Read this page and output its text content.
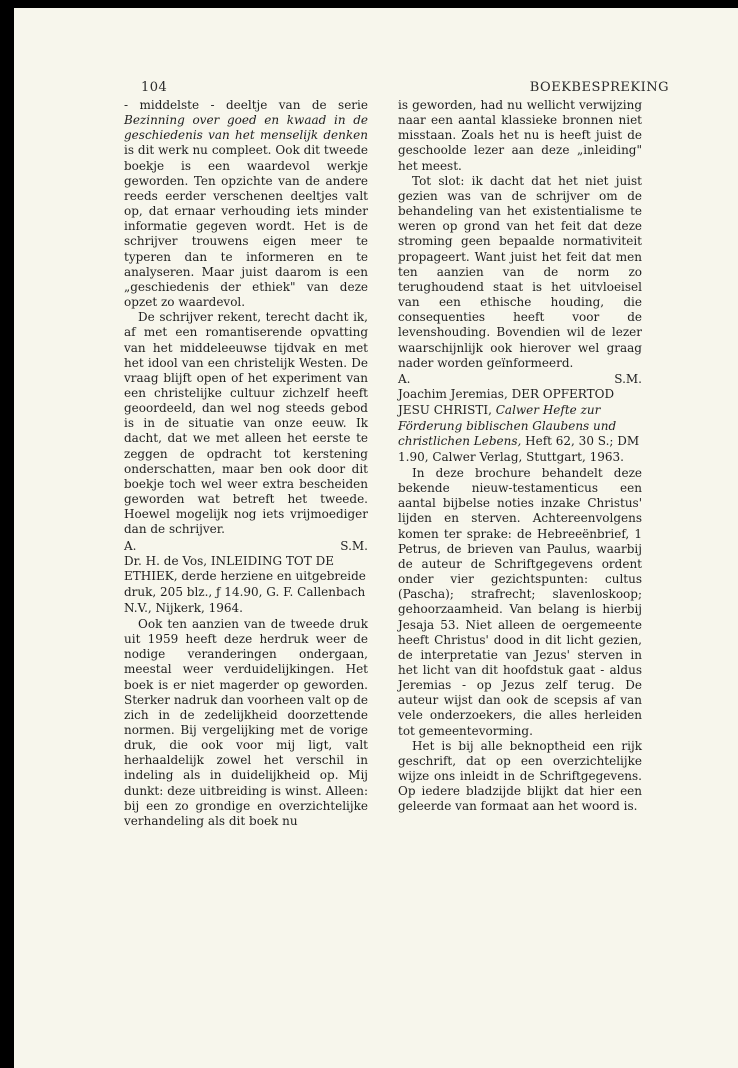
104	BOEKBESPREKING

- middelste - deeltje van de serie Bezinning over goed en kwaad in de geschiedenis van het menselijk denken is dit werk nu compleet. Ook dit tweede boekje is een waardevol werkje geworden. Ten opzichte van de andere reeds eerder verschenen deeltjes valt op, dat ernaar verhouding iets minder informatie gegeven wordt. Het is de schrijver trouwens eigen meer te typeren dan te informeren en te analyseren. Maar juist daarom is een „geschiedenis der ethiek" van deze opzet zo waardevol.

De schrijver rekent, terecht dacht ik, af met een romantiserende opvatting van het middeleeuwse tijdvak en met het idool van een christelijk Westen. De vraag blijft open of het experiment van een christelijke cultuur zichzelf heeft geoordeeld, dan wel nog steeds gebod is in de situatie van onze eeuw. Ik dacht, dat we met alleen het eerste te zeggen de opdracht tot kerstening onderschatten, maar ben ook door dit boekje toch wel weer extra bescheiden geworden wat betreft het tweede. Hoewel mogelijk nog iets vrijmoediger dan de schrijver.

A.	S.M.

Dr. H. de Vos, INLEIDING TOT DE ETHIEK, derde herziene en uitgebreide druk, 205 blz., ƒ 14.90, G. F. Callenbach N.V., Nijkerk, 1964.

Ook ten aanzien van de tweede druk uit 1959 heeft deze herdruk weer de nodige veranderingen ondergaan, meestal weer verduidelijkingen. Het boek is er niet magerder op geworden. Sterker nadruk dan voorheen valt op de zich in de zedelijkheid doorzettende normen. Bij vergelijking met de vorige druk, die ook voor mij ligt, valt herhaaldelijk zowel het verschil in indeling als in duidelijkheid op. Mij dunkt: deze uitbreiding is winst. Alleen: bij een zo grondige en overzichtelijke verhandeling als dit boek nu

is geworden, had nu wellicht verwijzing naar een aantal klassieke bronnen niet misstaan. Zoals het nu is heeft juist de geschoolde lezer aan deze „inleiding" het meest.

Tot slot: ik dacht dat het niet juist gezien was van de schrijver om de behandeling van het existentialisme te weren op grond van het feit dat deze stroming geen bepaalde normativiteit propageert. Want juist het feit dat men ten aanzien van de norm zo terughoudend staat is het uitvloeisel van een ethische houding, die consequenties heeft voor de levenshouding. Bovendien wil de lezer waarschijnlijk ook hierover wel graag nader worden geïnformeerd.

A.	S.M.

Joachim Jeremias, DER OPFERTOD JESU CHRISTI, Calwer Hefte zur Förderung biblischen Glaubens und christlichen Lebens, Heft 62, 30 S.; DM 1.90, Calwer Verlag, Stuttgart, 1963.

In deze brochure behandelt deze bekende nieuw-testamenticus een aantal bijbelse noties inzake Christus' lijden en sterven. Achtereenvolgens komen ter sprake: de Hebreeënbrief, 1 Petrus, de brieven van Paulus, waarbij de auteur de Schriftgegevens ordent onder vier gezichtspunten: cultus (Pascha); strafrecht; slavenloskoop; gehoorzaamheid. Van belang is hierbij Jesaja 53. Niet alleen de oergemeente heeft Christus' dood in dit licht gezien, de interpretatie van Jezus' sterven in het licht van dit hoofdstuk gaat - aldus Jeremias - op Jezus zelf terug. De auteur wijst dan ook de scepsis af van vele onderzoekers, die alles herleiden tot gemeentevorming.

Het is bij alle beknoptheid een rijk geschrift, dat op een overzichtelijke wijze ons inleidt in de Schriftgegevens. Op iedere bladzijde blijkt dat hier een geleerde van formaat aan het woord is.
